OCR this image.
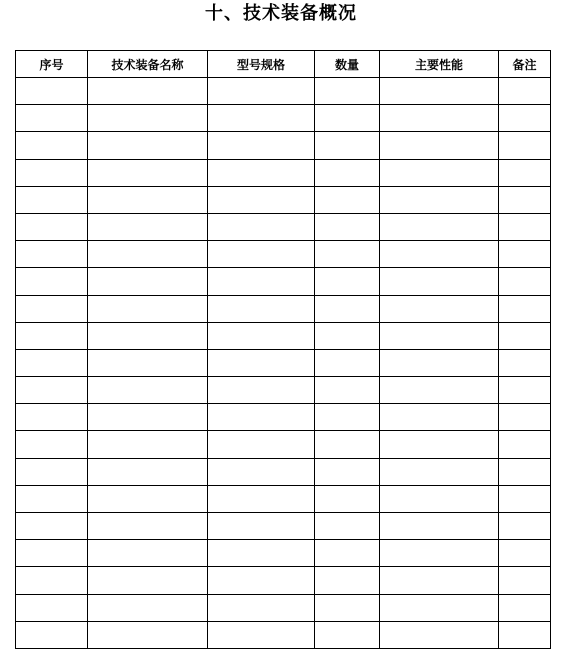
十、技术装备概况
序号	技术装备名称	型号规格	数量	主要性能	备注
